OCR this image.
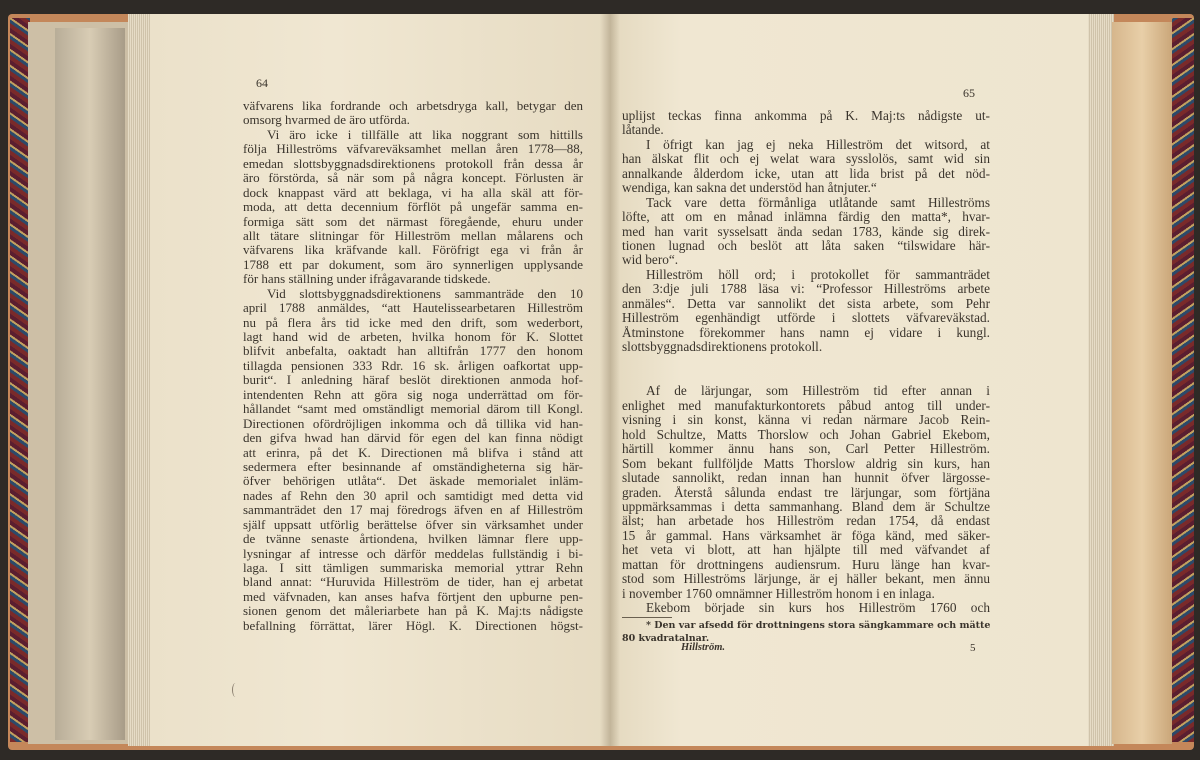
64
65
väfvarens lika fordrande och arbetsdryga kall, betygar den
omsorg hvarmed de äro utförda.
Vi äro icke i tillfälle att lika noggrant som hittills
följa Hilleströms väfvareväksamhet mellan åren 1778—88,
emedan slottsbyggnadsdirektionens protokoll från dessa år
äro förstörda, så när som på några koncept. Förlusten är
dock knappast värd att beklaga, vi ha alla skäl att för-
moda, att detta decennium förflöt på ungefär samma en-
formiga sätt som det närmast föregående, ehuru under
allt tätare slitningar för Hilleström mellan målarens och
väfvarens lika kräfvande kall. Föröfrigt ega vi från år
1788 ett par dokument, som äro synnerligen upplysande
för hans ställning under ifrågavarande tidskede.
Vid slottsbyggnadsdirektionens sammanträde den 10
april 1788 anmäldes, “att Hautelissearbetaren Hilleström
nu på flera års tid icke med den drift, som wederbort,
lagt hand wid de arbeten, hvilka honom för K. Slottet
blifvit anbefalta, oaktadt han alltifrån 1777 den honom
tillagda pensionen 333 Rdr. 16 sk. årligen oafkortat upp-
burit“. I anledning häraf beslöt direktionen anmoda hof-
intendenten Rehn att göra sig noga underrättad om för-
hållandet “samt med omständligt memorial därom till Kongl.
Directionen ofördröjligen inkomma och då tillika vid han-
den gifva hwad han därvid för egen del kan finna nödigt
att erinra, på det K. Directionen må blifva i stånd att
sedermera efter besinnande af omständigheterna sig här-
öfver behörigen utlåta“. Det äskade memorialet inläm-
nades af Rehn den 30 april och samtidigt med detta vid
sammanträdet den 17 maj föredrogs äfven en af Hilleström
själf uppsatt utförlig berättelse öfver sin värksamhet under
de tvänne senaste årtiondena, hvilken lämnar flere upp-
lysningar af intresse och därför meddelas fullständig i bi-
laga. I sitt tämligen summariska memorial yttrar Rehn
bland annat: “Huruvida Hilleström de tider, han ej arbetat
med väfvnaden, kan anses hafva förtjent den upburne pen-
sionen genom det måleriarbete han på K. Maj:ts nådigste
befallning förrättat, lärer Högl. K. Directionen högst-
uplijst teckas finna ankomma på K. Maj:ts nådigste ut-
låtande.
I öfrigt kan jag ej neka Hilleström det witsord, at
han älskat flit och ej welat wara sysslolös, samt wid sin
annalkande ålderdom icke, utan att lida brist på det nöd-
wendiga, kan sakna det understöd han åtnjuter.“
Tack vare detta förmånliga utlåtande samt Hilleströms
löfte, att om en månad inlämna färdig den matta*, hvar-
med han varit sysselsatt ända sedan 1783, kände sig direk-
tionen lugnad och beslöt att låta saken “tilswidare här-
wid bero“.
Hilleström höll ord; i protokollet för sammanträdet
den 3:dje juli 1788 läsa vi: “Professor Hilleströms arbete
anmäles“. Detta var sannolikt det sista arbete, som Pehr
Hilleström egenhändigt utförde i slottets väfvareväkstad.
Åtminstone förekommer hans namn ej vidare i kungl.
slottsbyggnadsdirektionens protokoll.
Af de lärjungar, som Hilleström tid efter annan i
enlighet med manufakturkontorets påbud antog till under-
visning i sin konst, känna vi redan närmare Jacob Rein-
hold Schultze, Matts Thorslow och Johan Gabriel Ekebom,
härtill kommer ännu hans son, Carl Petter Hilleström.
Som bekant fullföljde Matts Thorslow aldrig sin kurs, han
slutade sannolikt, redan innan han hunnit öfver lärgosse-
graden. Återstå sålunda endast tre lärjungar, som förtjäna
uppmärksammas i detta sammanhang. Bland dem är Schultze
älst; han arbetade hos Hilleström redan 1754, då endast
15 år gammal. Hans värksamhet är föga känd, med säker-
het veta vi blott, att han hjälpte till med väfvandet af
mattan för drottningens audiensrum. Huru länge han kvar-
stod som Hilleströms lärjunge, är ej häller bekant, men ännu
i november 1760 omnämner Hilleström honom i en inlaga.
Ekebom började sin kurs hos Hilleström 1760 och
* Den var afsedd för drottningens stora sängkammare och mätte
80 kvadratalnar.
Hillström.	5
